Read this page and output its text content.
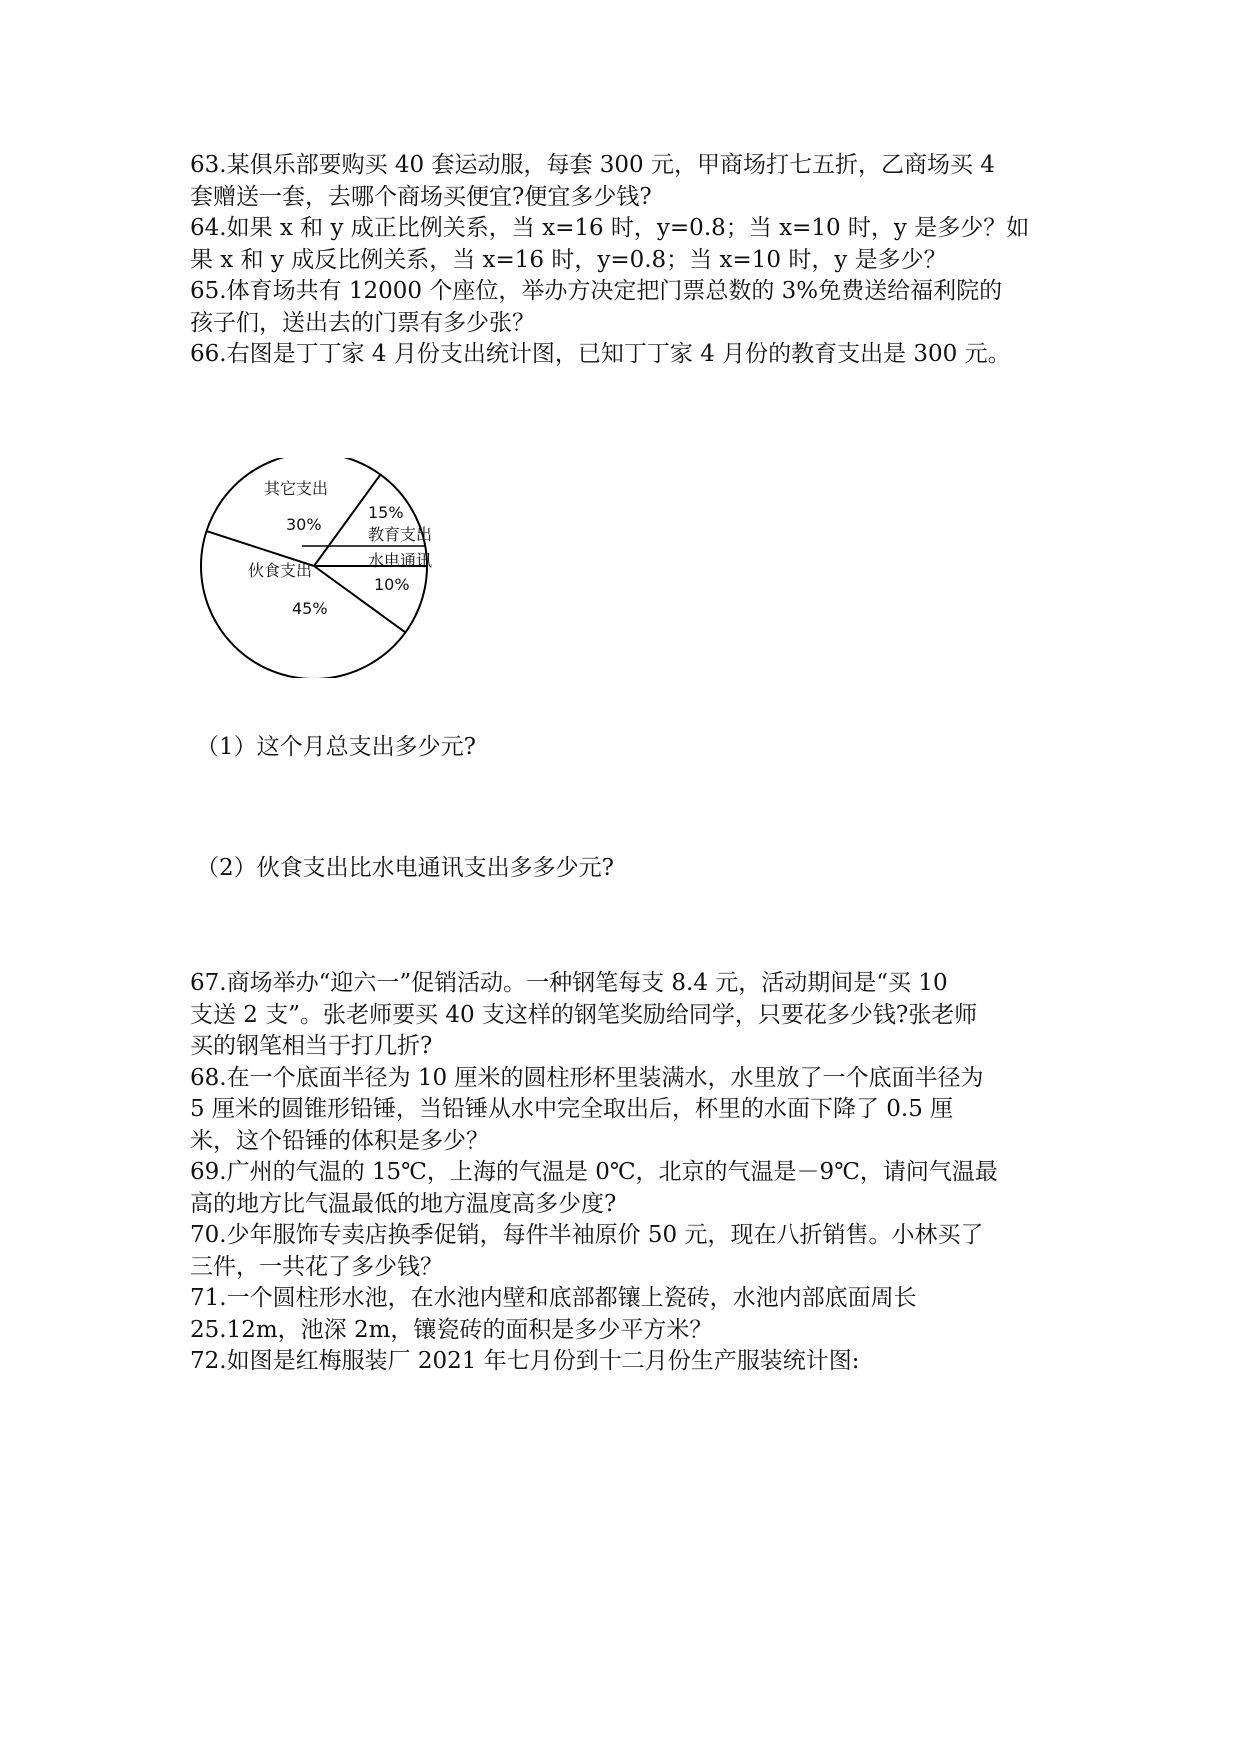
63.某俱乐部要购买 40 套运动服，每套 300 元，甲商场打七五折，乙商场买 4
套赠送一套，去哪个商场买便宜?便宜多少钱?
64.如果 x 和 y 成正比例关系，当 x=16 时，y=0.8；当 x=10 时，y 是多少？如
果 x 和 y 成反比例关系，当 x=16 时，y=0.8；当 x=10 时，y 是多少？
65.体育场共有 12000 个座位，举办方决定把门票总数的 3%免费送给福利院的
孩子们，送出去的门票有多少张？
66.右图是丁丁家 4 月份支出统计图，已知丁丁家 4 月份的教育支出是 300 元。
伙食支出
45%
其它支出
30%
教育支出
15%
水电通讯
10%
（1）这个月总支出多少元?
（2）伙食支出比水电通讯支出多多少元?
67.商场举办“迎六一”促销活动。一种钢笔每支 8.4 元，活动期间是“买 10
支送 2 支”。张老师要买 40 支这样的钢笔奖励给同学，只要花多少钱?张老师
买的钢笔相当于打几折?
68.在一个底面半径为 10 厘米的圆柱形杯里装满水，水里放了一个底面半径为
5 厘米的圆锥形铅锤，当铅锤从水中完全取出后，杯里的水面下降了 0.5 厘
米，这个铅锤的体积是多少？
69.广州的气温的 15℃，上海的气温是 0℃，北京的气温是－9℃，请问气温最
高的地方比气温最低的地方温度高多少度?
70.少年服饰专卖店换季促销，每件半袖原价 50 元，现在八折销售。小林买了
三件，一共花了多少钱？
71.一个圆柱形水池，在水池内壁和底部都镶上瓷砖，水池内部底面周长
25.12m，池深 2m，镶瓷砖的面积是多少平方米？
72.如图是红梅服装厂 2021 年七月份到十二月份生产服装统计图:
